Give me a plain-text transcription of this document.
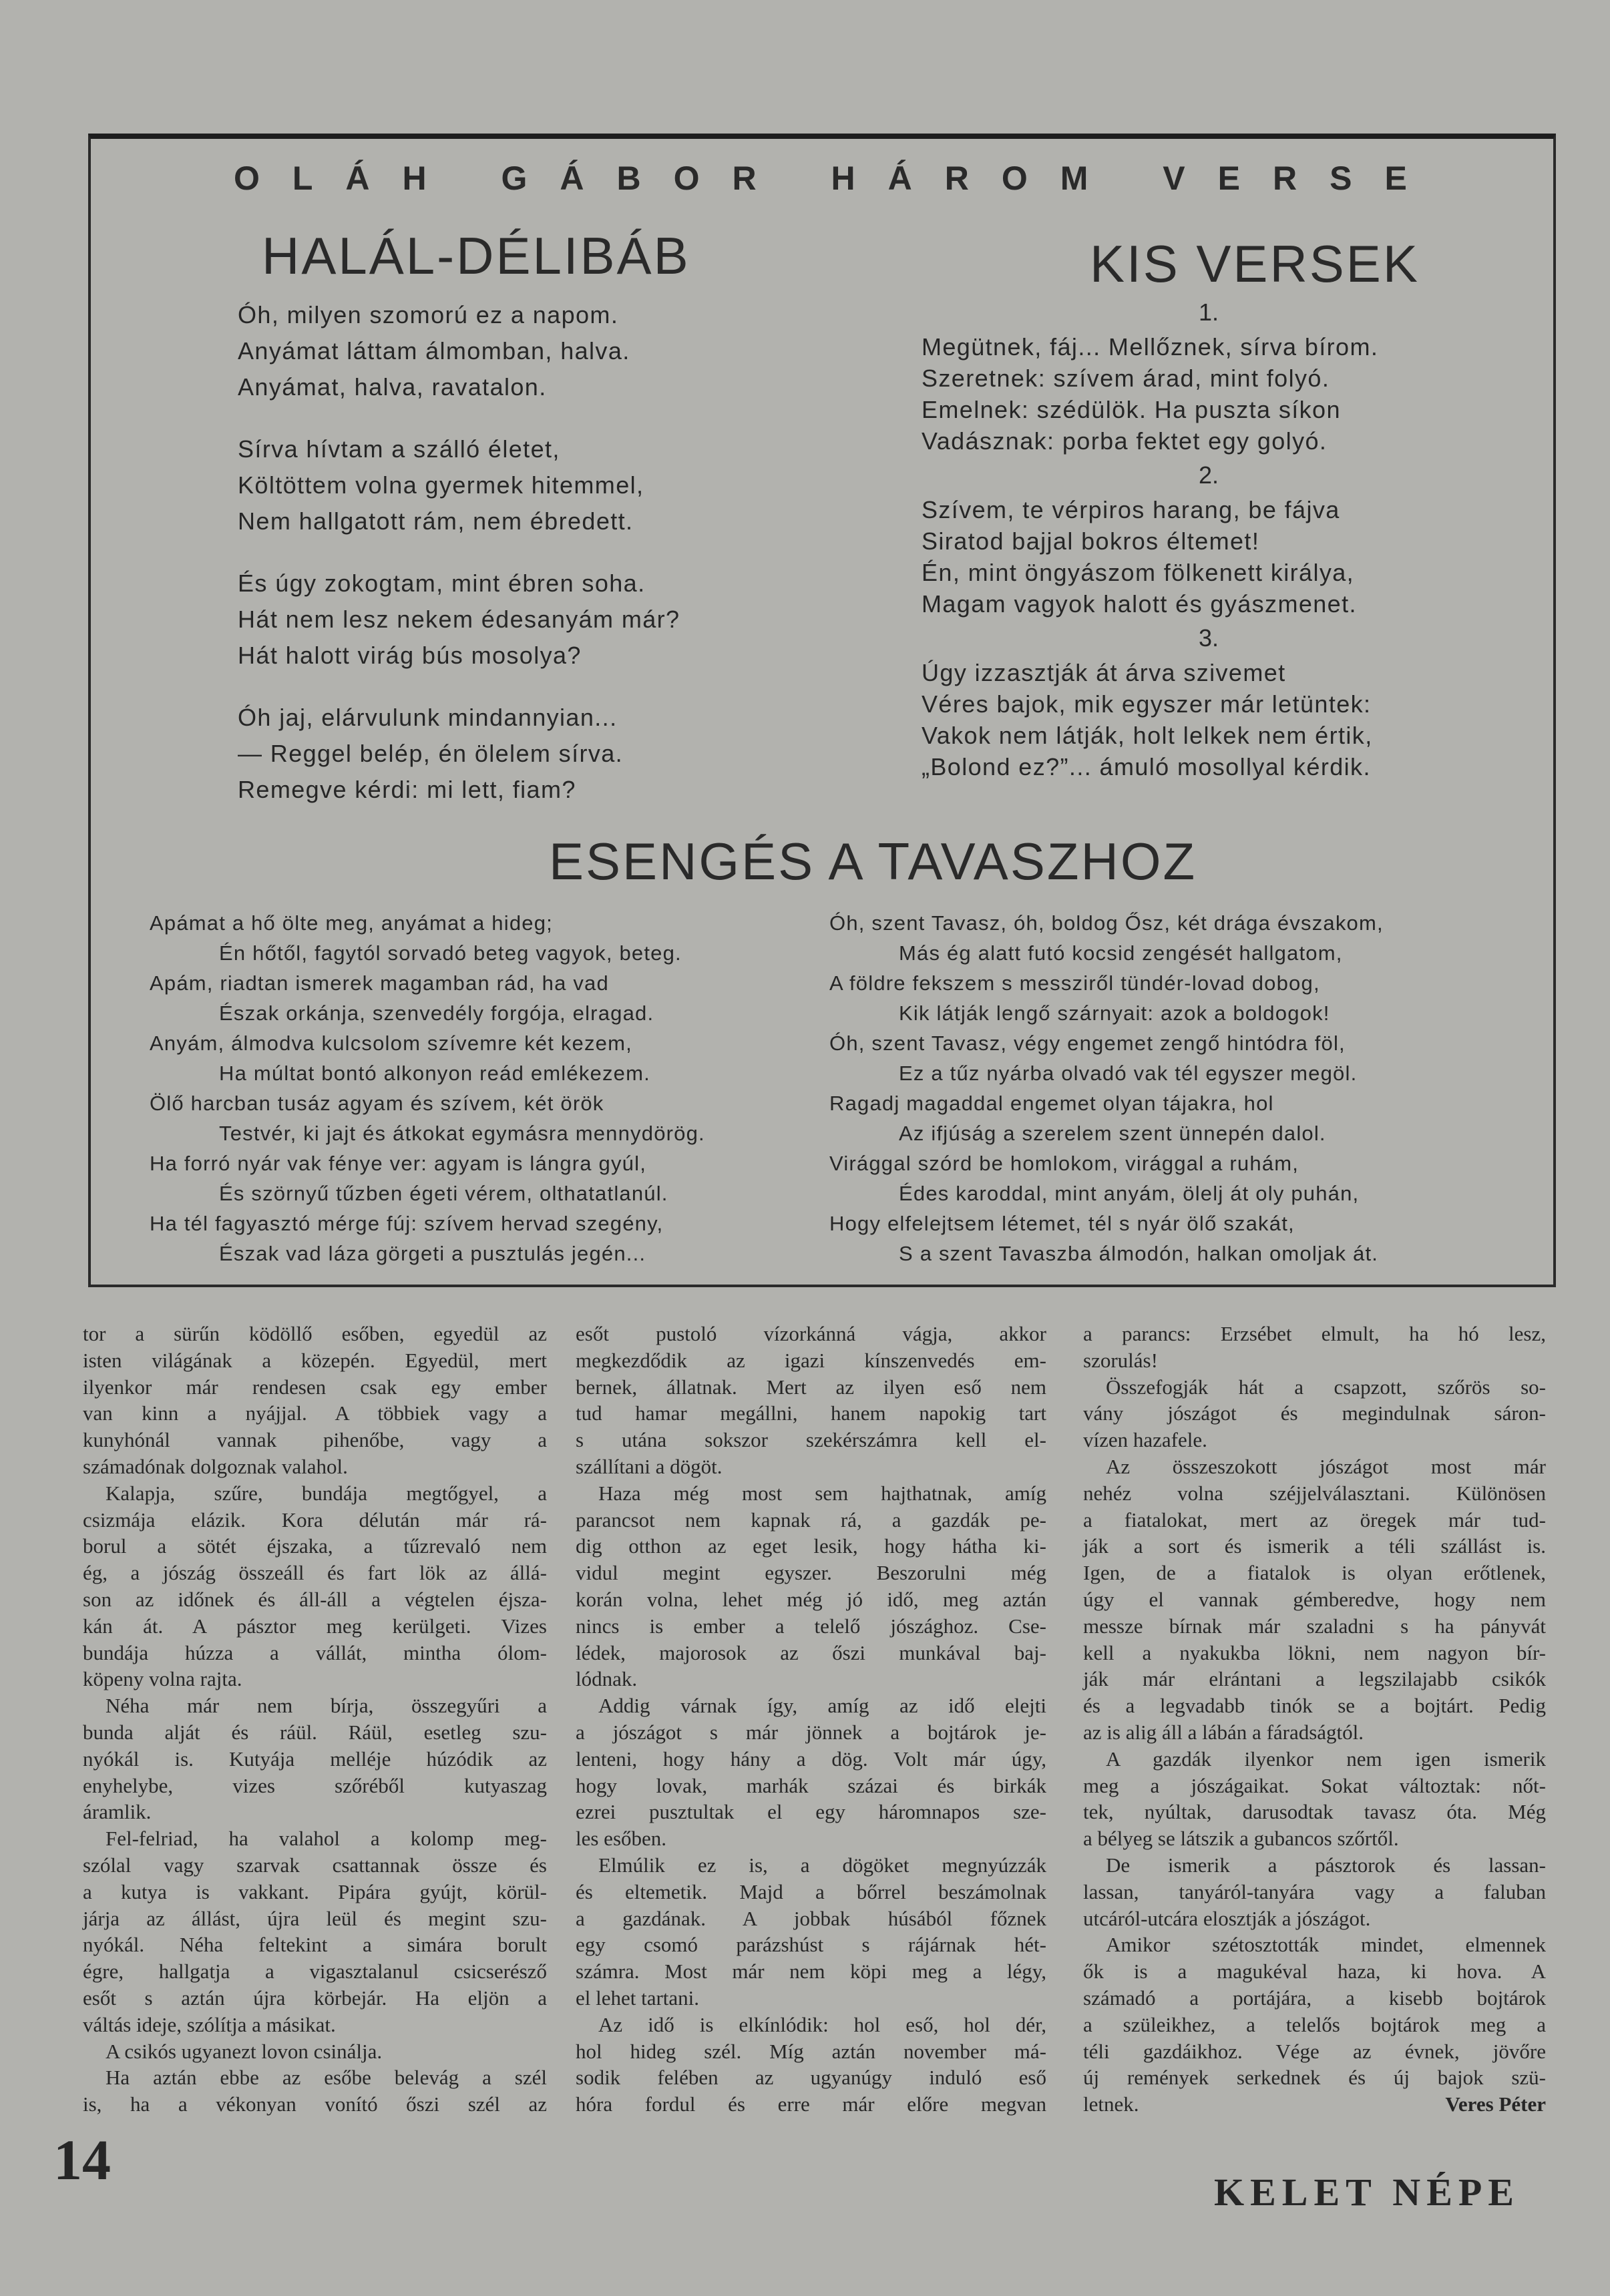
OLÁH GÁBOR HÁROM VERSE
HALÁL-DÉLIBÁB	KIS VERSEK
ESENGÉS A TAVASZHOZ
Óh, milyen szomorú ez a napom.
Anyámat láttam álmomban, halva.
Anyámat, halva, ravatalon.
Sírva hívtam a szálló életet,
Költöttem volna gyermek hitemmel,
Nem hallgatott rám, nem ébredett.
És úgy zokogtam, mint ébren soha.
Hát nem lesz nekem édesanyám már?
Hát halott virág bús mosolya?
Óh jaj, elárvulunk mindannyian...
— Reggel belép, én ölelem sírva.
Remegve kérdi: mi lett, fiam?
1.
Megütnek, fáj... Mellőznek, sírva bírom.
Szeretnek: szívem árad, mint folyó.
Emelnek: szédülök. Ha puszta síkon
Vadásznak: porba fektet egy golyó.
2.
Szívem, te vérpiros harang, be fájva
Siratod bajjal bokros éltemet!
Én, mint öngyászom fölkenett királya,
Magam vagyok halott és gyászmenet.
3.
Úgy izzasztják át árva szivemet
Véres bajok, mik egyszer már letüntek:
Vakok nem látják, holt lelkek nem értik,
„Bolond ez?”... ámuló mosollyal kérdik.
Apámat a hő ölte meg, anyámat a hideg;
Én hőtől, fagytól sorvadó beteg vagyok, beteg.
Apám, riadtan ismerek magamban rád, ha vad
Észak orkánja, szenvedély forgója, elragad.
Anyám, álmodva kulcsolom szívemre két kezem,
Ha múltat bontó alkonyon reád emlékezem.
Ölő harcban tusáz agyam és szívem, két örök
Testvér, ki jajt és átkokat egymásra mennydörög.
Ha forró nyár vak fénye ver: agyam is lángra gyúl,
És szörnyű tűzben égeti vérem, olthatatlanúl.
Ha tél fagyasztó mérge fúj: szívem hervad szegény,
Észak vad láza görgeti a pusztulás jegén...
Óh, szent Tavasz, óh, boldog Ősz, két drága évszakom,
Más ég alatt futó kocsid zengését hallgatom,
A földre fekszem s messziről tündér-lovad dobog,
Kik látják lengő szárnyait: azok a boldogok!
Óh, szent Tavasz, végy engemet zengő hintódra föl,
Ez a tűz nyárba olvadó vak tél egyszer megöl.
Ragadj magaddal engemet olyan tájakra, hol
Az ifjúság a szerelem szent ünnepén dalol.
Virággal szórd be homlokom, virággal a ruhám,
Édes karoddal, mint anyám, ölelj át oly puhán,
Hogy elfelejtsem létemet, tél s nyár ölő szakát,
S a szent Tavaszba álmodón, halkan omoljak át.
tor a sürűn ködöllő esőben, egyedül az
isten világának a közepén. Egyedül, mert
ilyenkor már rendesen csak egy ember
van kinn a nyájjal. A többiek vagy a
kunyhónál vannak pihenőbe, vagy a
számadónak dolgoznak valahol.
Kalapja, szűre, bundája megtőgyel, a
csizmája elázik. Kora délután már rá-
borul a sötét éjszaka, a tűzrevaló nem
ég, a jószág összeáll és fart lök az állá-
son az időnek és áll-áll a végtelen éjsza-
kán át. A pásztor meg kerülgeti. Vizes
bundája húzza a vállát, mintha ólom-
köpeny volna rajta.
Néha már nem bírja, összegyűri a
bunda alját és ráül. Ráül, esetleg szu-
nyókál is. Kutyája melléje húzódik az
enyhelybe, vizes szőréből kutyaszag
áramlik.
Fel-felriad, ha valahol a kolomp meg-
szólal vagy szarvak csattannak össze és
a kutya is vakkant. Pipára gyújt, körül-
járja az állást, újra leül és megint szu-
nyókál. Néha feltekint a simára borult
égre, hallgatja a vigasztalanul csicserésző
esőt s aztán újra körbejár. Ha eljön a
váltás ideje, szólítja a másikat.
A csikós ugyanezt lovon csinálja.
Ha aztán ebbe az esőbe belevág a szél
is, ha a vékonyan vonító őszi szél az
esőt pustoló vízorkánná vágja, akkor
megkezdődik az igazi kínszenvedés em-
bernek, állatnak. Mert az ilyen eső nem
tud hamar megállni, hanem napokig tart
s utána sokszor szekérszámra kell el-
szállítani a dögöt.
Haza még most sem hajthatnak, amíg
parancsot nem kapnak rá, a gazdák pe-
dig otthon az eget lesik, hogy hátha ki-
vidul megint egyszer. Beszorulni még
korán volna, lehet még jó idő, meg aztán
nincs is ember a telelő jószághoz. Cse-
lédek, majorosok az őszi munkával baj-
lódnak.
Addig várnak így, amíg az idő elejti
a jószágot s már jönnek a bojtárok je-
lenteni, hogy hány a dög. Volt már úgy,
hogy lovak, marhák százai és birkák
ezrei pusztultak el egy háromnapos sze-
les esőben.
Elmúlik ez is, a dögöket megnyúzzák
és eltemetik. Majd a bőrrel beszámolnak
a gazdának. A jobbak húsából főznek
egy csomó parázshúst s rájárnak hét-
számra. Most már nem köpi meg a légy,
el lehet tartani.
Az idő is elkínlódik: hol eső, hol dér,
hol hideg szél. Míg aztán november má-
sodik felében az ugyanúgy induló eső
hóra fordul és erre már előre megvan
a parancs: Erzsébet elmult, ha hó lesz,
szorulás!
Összefogják hát a csapzott, szőrös so-
vány jószágot és megindulnak sáron-
vízen hazafele.
Az összeszokott jószágot most már
nehéz volna széjjelválasztani. Különösen
a fiatalokat, mert az öregek már tud-
ják a sort és ismerik a téli szállást is.
Igen, de a fiatalok is olyan erőtlenek,
úgy el vannak gémberedve, hogy nem
messze bírnak már szaladni s ha pányvát
kell a nyakukba lökni, nem nagyon bír-
ják már elrántani a legszilajabb csikók
és a legvadabb tinók se a bojtárt. Pedig
az is alig áll a lábán a fáradságtól.
A gazdák ilyenkor nem igen ismerik
meg a jószágaikat. Sokat változtak: nőt-
tek, nyúltak, darusodtak tavasz óta. Még
a bélyeg se látszik a gubancos szőrtől.
De ismerik a pásztorok és lassan-
lassan, tanyáról-tanyára vagy a faluban
utcáról-utcára elosztják a jószágot.
Amikor szétosztották mindet, elmennek
ők is a magukéval haza, ki hova. A
számadó a portájára, a kisebb bojtárok
a szüleikhez, a telelős bojtárok meg a
téli gazdáikhoz. Vége az évnek, jövőre
új remények serkednek és új bajok szü-
letnek.	Veres Péter
14
KELET NÉPE
